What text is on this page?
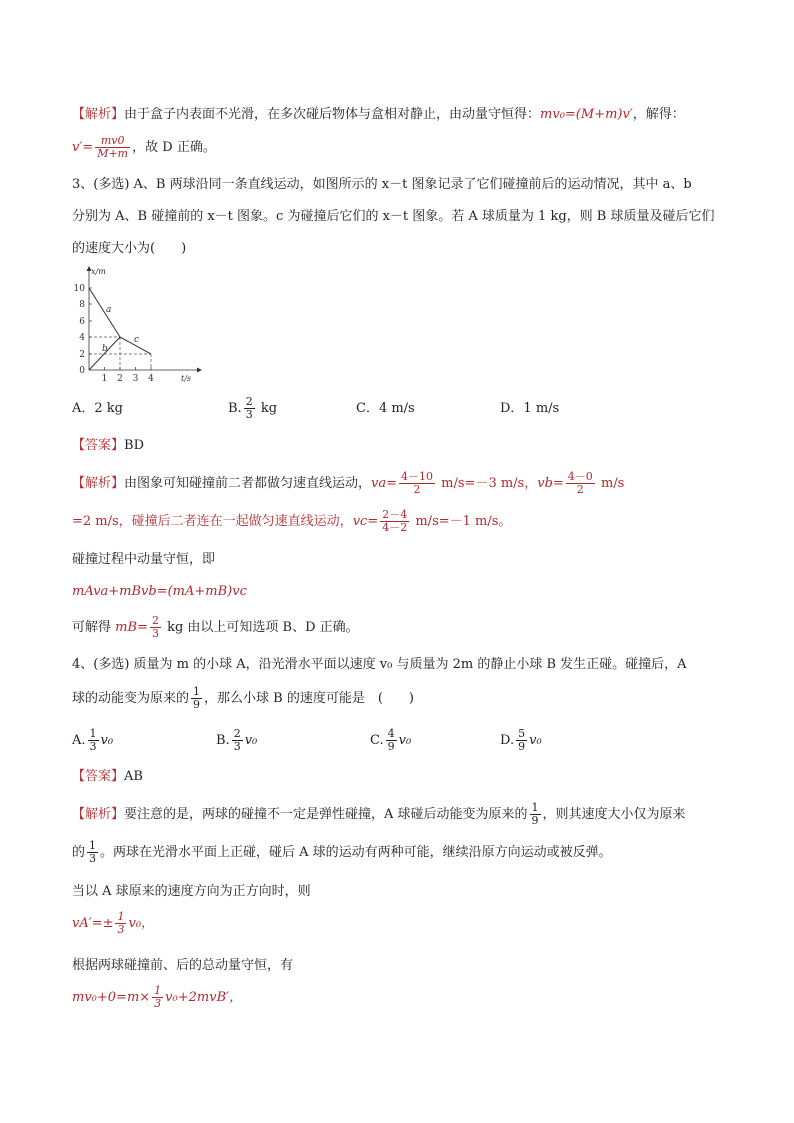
【解析】由于盒子内表面不光滑，在多次碰后物体与盒相对静止，由动量守恒得：mv₀=(M+m)v′，解得：
$v'= \frac{mv0}{M+m}$ ，故 D 正确。
3、(多选) A、B 两球沿同一条直线运动，如图所示的 x－t 图象记录了它们碰撞前后的运动情况，其中 a、b
分别为 A、B 碰撞前的 x－t 图象。c 为碰撞后它们的 x－t 图象。若 A 球质量为 1 kg，则 B 球质量及碰后它们
的速度大小为(　　)
a
b
c
x/m
t/s
0
2
4
6
8
10
1 2 3 4
A．2 kg	B. $\frac{2}{3}$ kg	C．4 m/s	D．1 m/s
【答案】BD
【解析】由图象可知碰撞前二者都做匀速直线运动，$va= \frac{4-10}{2} m/s=-3$ m/s，$vb= \frac{4-0}{2} m/s$
=2 m/s，碰撞后二者连在一起做匀速直线运动，$vc= \frac{2-4}{4-2} m/s=-1$ m/s。
碰撞过程中动量守恒，即
mAva+mBvb=(mA+mB)vc
可解得 $mB= \frac{2}{3}$ kg 由以上可知选项 B、D 正确。
4、(多选) 质量为 m 的小球 A，沿光滑水平面以速度 v₀ 与质量为 2m 的静止小球 B 发生正碰。碰撞后，A
球的动能变为原来的 $\frac{1}{9}$ ，那么小球 B 的速度可能是　(　　)
A. $\frac{1}{3} v_0$	B. $\frac{2}{3} v_0$	C. $\frac{4}{9} v_0$	D. $\frac{5}{9} v_0$
【答案】AB
【解析】要注意的是，两球的碰撞不一定是弹性碰撞，A 球碰后动能变为原来的 $\frac{1}{9}$ ，则其速度大小仅为原来
的 $\frac{1}{3}$ 。两球在光滑水平面上正碰，碰后 A 球的运动有两种可能，继续沿原方向运动或被反弹。
当以 A 球原来的速度方向为正方向时，则
$vA'=\pm \frac{1}{3} v_0$，
根据两球碰撞前、后的总动量守恒，有
$mv_0+0=m\times \frac{1}{3} v_0+2mvB'$，
